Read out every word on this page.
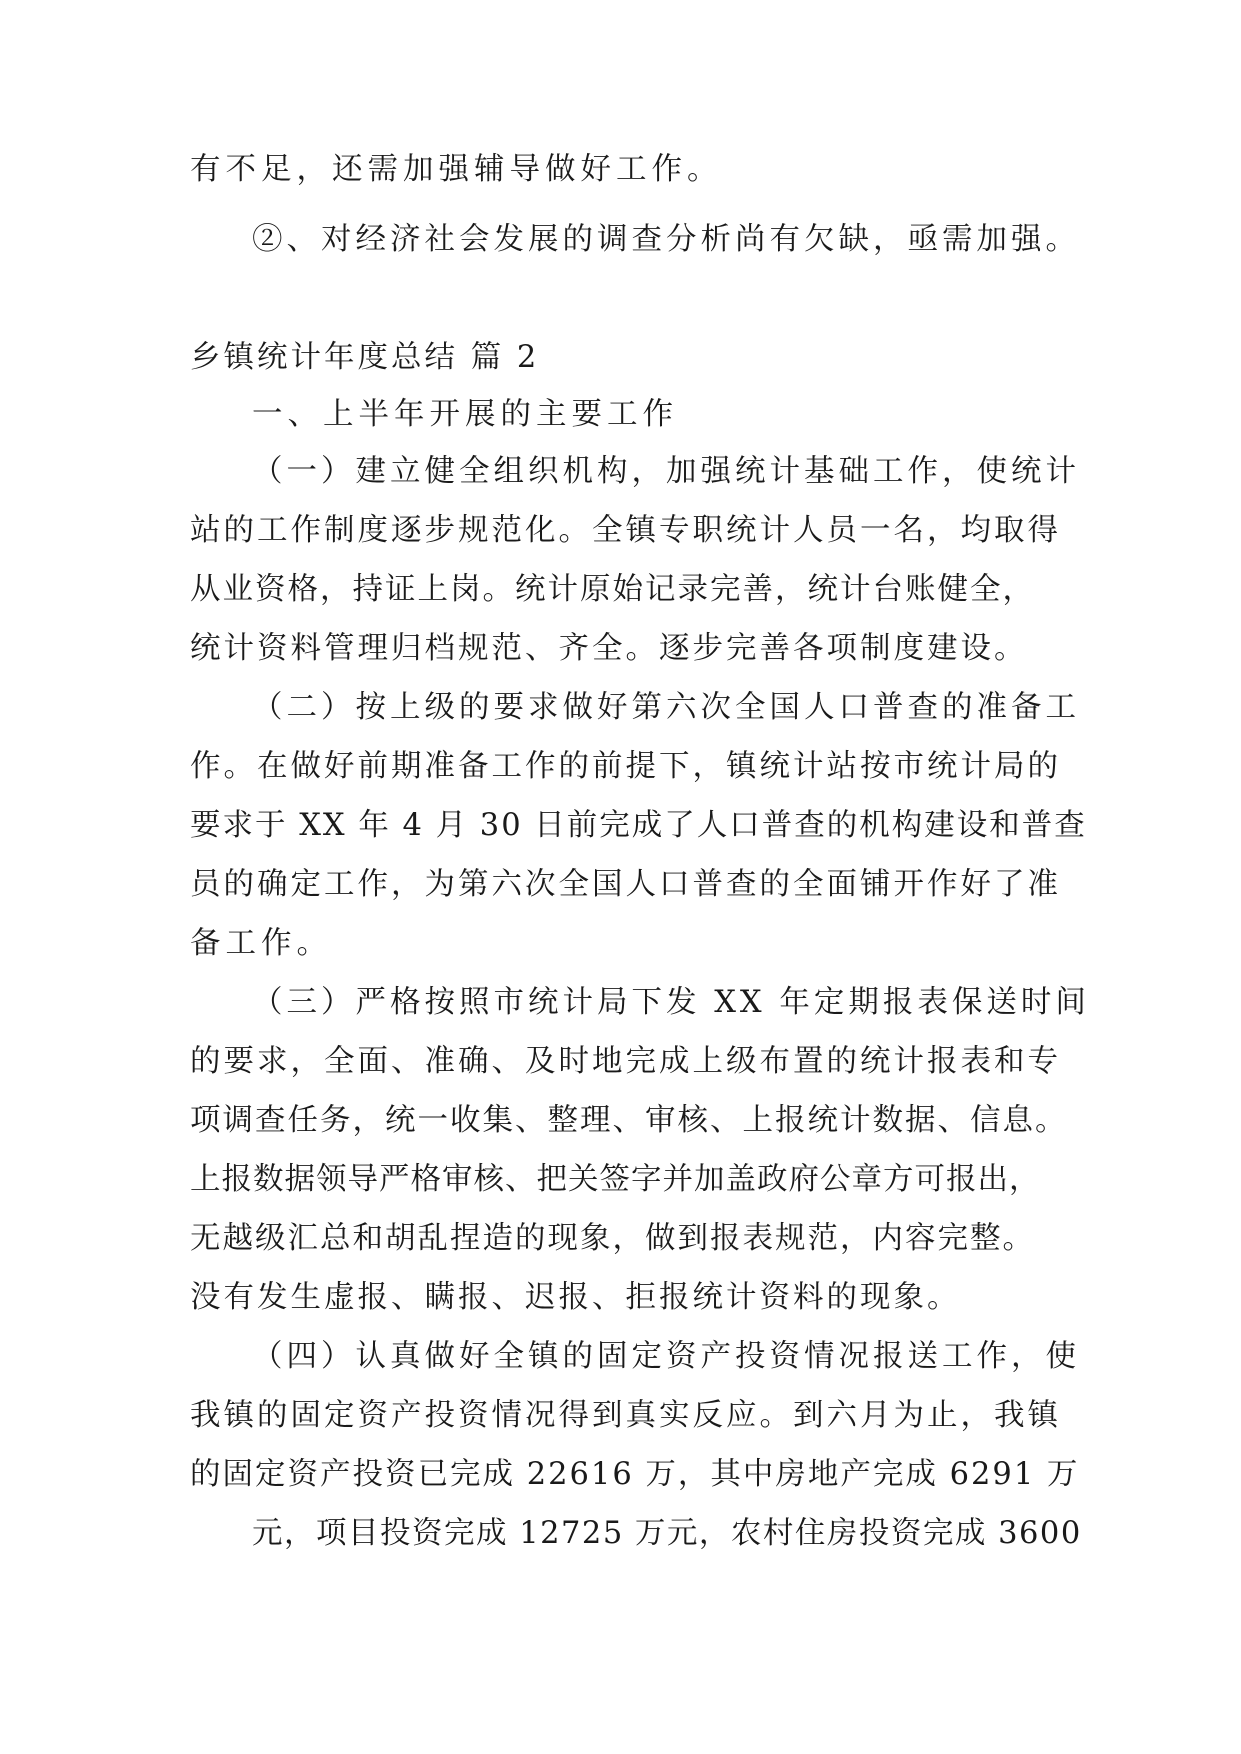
有不足，还需加强辅导做好工作。

②、对经济社会发展的调查分析尚有欠缺，亟需加强。

乡镇统计年度总结 篇 2

一、上半年开展的主要工作

（一）建立健全组织机构，加强统计基础工作，使统计

站的工作制度逐步规范化。全镇专职统计人员一名，均取得

从业资格，持证上岗。统计原始记录完善，统计台账健全，

统计资料管理归档规范、齐全。逐步完善各项制度建设。

（二）按上级的要求做好第六次全国人口普查的准备工

作。在做好前期准备工作的前提下，镇统计站按市统计局的

要求于 XX 年 4 月 30 日前完成了人口普查的机构建设和普查

员的确定工作，为第六次全国人口普查的全面铺开作好了准

备工作。

（三）严格按照市统计局下发 XX 年定期报表保送时间

的要求，全面、准确、及时地完成上级布置的统计报表和专

项调查任务，统一收集、整理、审核、上报统计数据、信息。

上报数据领导严格审核、把关签字并加盖政府公章方可报出，

无越级汇总和胡乱捏造的现象，做到报表规范，内容完整。

没有发生虚报、瞒报、迟报、拒报统计资料的现象。

（四）认真做好全镇的固定资产投资情况报送工作，使

我镇的固定资产投资情况得到真实反应。到六月为止，我镇

的固定资产投资已完成 22616 万，其中房地产完成 6291 万

元，项目投资完成 12725 万元，农村住房投资完成 3600
